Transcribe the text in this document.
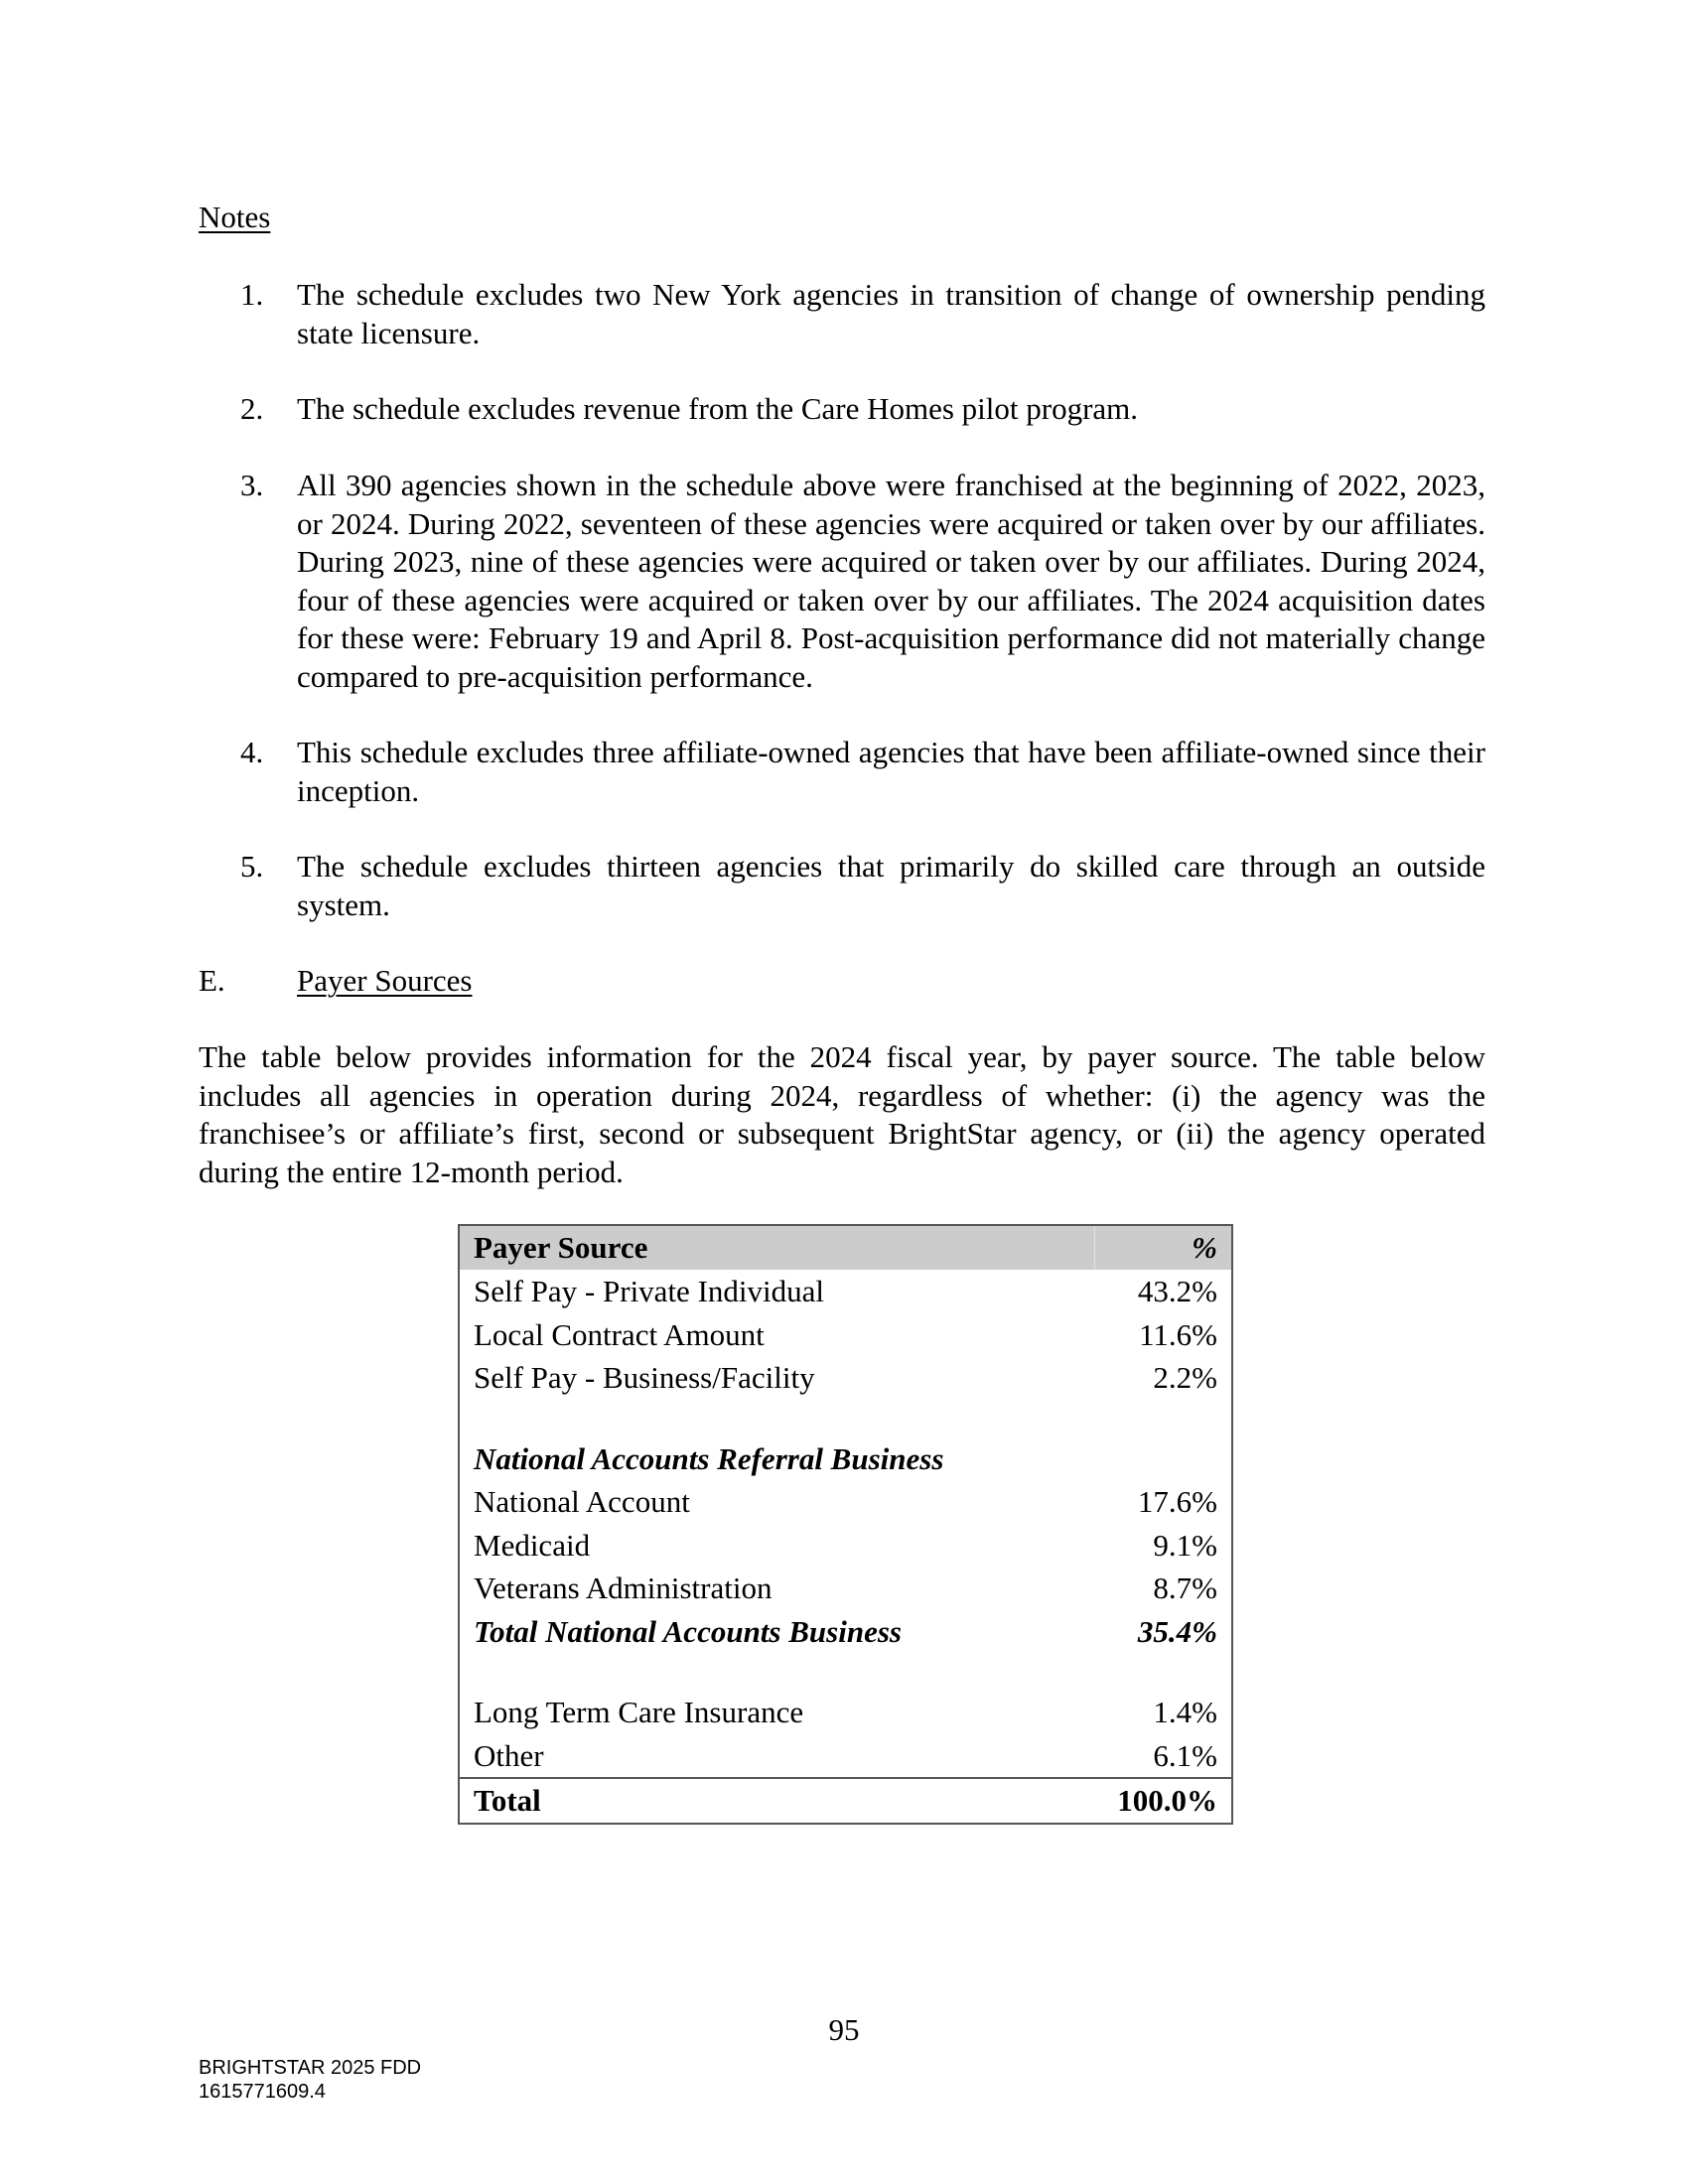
Notes
1. The schedule excludes two New York agencies in transition of change of ownership pending state licensure.
2. The schedule excludes revenue from the Care Homes pilot program.
3. All 390 agencies shown in the schedule above were franchised at the beginning of 2022, 2023, or 2024. During 2022, seventeen of these agencies were acquired or taken over by our affiliates. During 2023, nine of these agencies were acquired or taken over by our affiliates. During 2024, four of these agencies were acquired or taken over by our affiliates. The 2024 acquisition dates for these were: February 19 and April 8. Post-acquisition performance did not materially change compared to pre-acquisition performance.
4. This schedule excludes three affiliate-owned agencies that have been affiliate-owned since their inception.
5. The schedule excludes thirteen agencies that primarily do skilled care through an outside system.
E. Payer Sources
The table below provides information for the 2024 fiscal year, by payer source. The table below includes all agencies in operation during 2024, regardless of whether: (i) the agency was the franchisee’s or affiliate’s first, second or subsequent BrightStar agency, or (ii) the agency operated during the entire 12-month period.
Payer Source	%
Self Pay - Private Individual	43.2%
Local Contract Amount	11.6%
Self Pay - Business/Facility	2.2%

National Accounts Referral Business	
National Account	17.6%
Medicaid	9.1%
Veterans Administration	8.7%
Total National Accounts Business	35.4%

Long Term Care Insurance	1.4%
Other	6.1%
Total	100.0%
95
BRIGHTSTAR 2025 FDD
1615771609.4
